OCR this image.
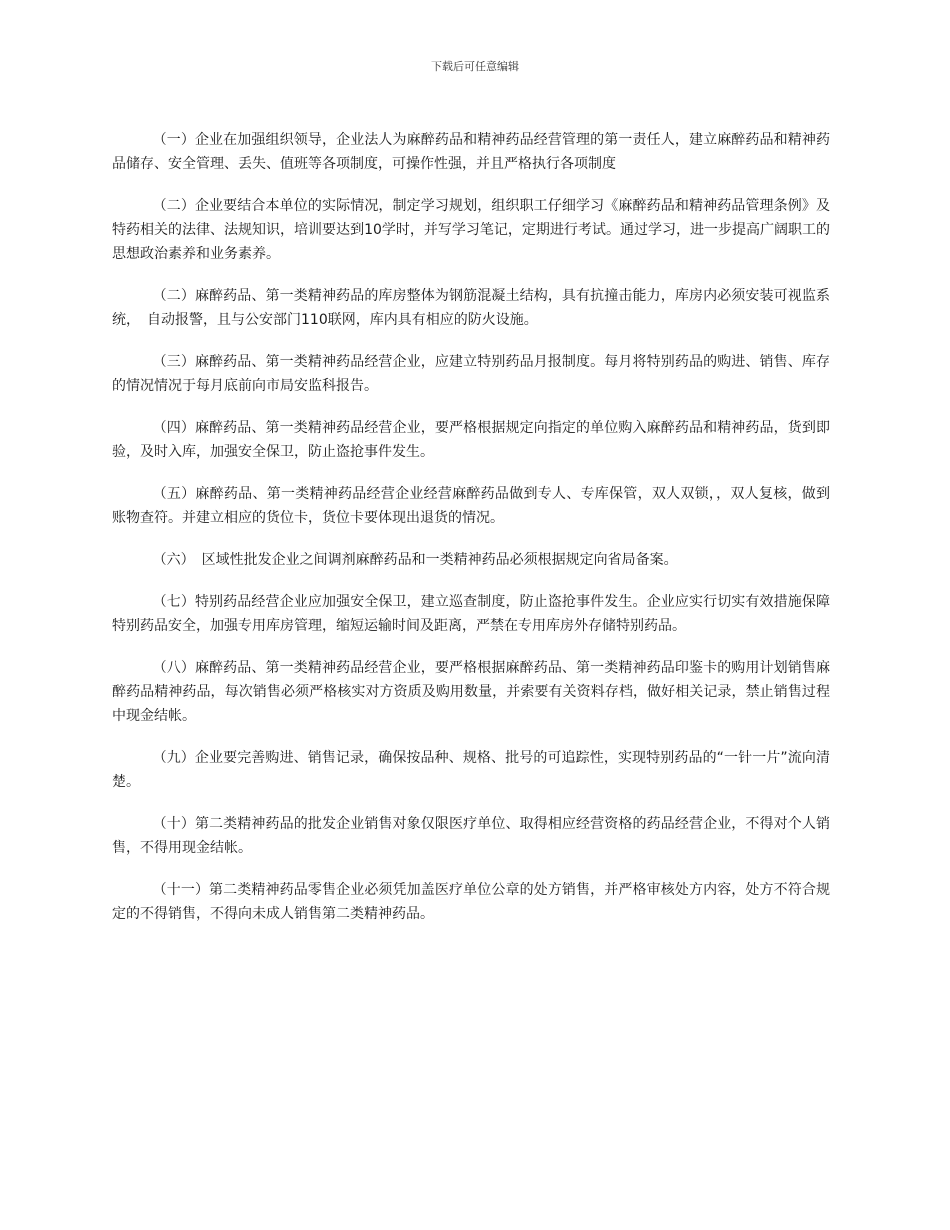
下载后可任意编辑

（一）企业在加强组织领导，企业法人为麻醉药品和精神药品经营管理的第一责任人，建立麻醉药品和精神药品储存、安全管理、丢失、值班等各项制度，可操作性强，并且严格执行各项制度

（二）企业要结合本单位的实际情况，制定学习规划，组织职工仔细学习《麻醉药品和精神药品管理条例》及特药相关的法律、法规知识，培训要达到10学时，并写学习笔记，定期进行考试。通过学习，进一步提高广阔职工的思想政治素养和业务素养。

（二）麻醉药品、第一类精神药品的库房整体为钢筋混凝土结构，具有抗撞击能力，库房内必须安装可视监系统，　自动报警，且与公安部门110联网，库内具有相应的防火设施。

（三）麻醉药品、第一类精神药品经营企业，应建立特别药品月报制度。每月将特别药品的购进、销售、库存的情况情况于每月底前向市局安监科报告。

（四）麻醉药品、第一类精神药品经营企业，要严格根据规定向指定的单位购入麻醉药品和精神药品，货到即验，及时入库，加强安全保卫，防止盗抢事件发生。

（五）麻醉药品、第一类精神药品经营企业经营麻醉药品做到专人、专库保管，双人双锁，，双人复核，做到账物查符。并建立相应的货位卡，货位卡要体现出退货的情况。

（六）　区域性批发企业之间调剂麻醉药品和一类精神药品必须根据规定向省局备案。

（七）特别药品经营企业应加强安全保卫，建立巡查制度，防止盗抢事件发生。企业应实行切实有效措施保障特别药品安全，加强专用库房管理，缩短运输时间及距离，严禁在专用库房外存储特别药品。

（八）麻醉药品、第一类精神药品经营企业，要严格根据麻醉药品、第一类精神药品印鉴卡的购用计划销售麻醉药品精神药品，每次销售必须严格核实对方资质及购用数量，并索要有关资料存档，做好相关记录，禁止销售过程中现金结帐。

（九）企业要完善购进、销售记录，确保按品种、规格、批号的可追踪性，实现特别药品的“一针一片”流向清楚。

（十）第二类精神药品的批发企业销售对象仅限医疗单位、取得相应经营资格的药品经营企业，不得对个人销售，不得用现金结帐。

（十一）第二类精神药品零售企业必须凭加盖医疗单位公章的处方销售，并严格审核处方内容，处方不符合规定的不得销售，不得向未成人销售第二类精神药品。
